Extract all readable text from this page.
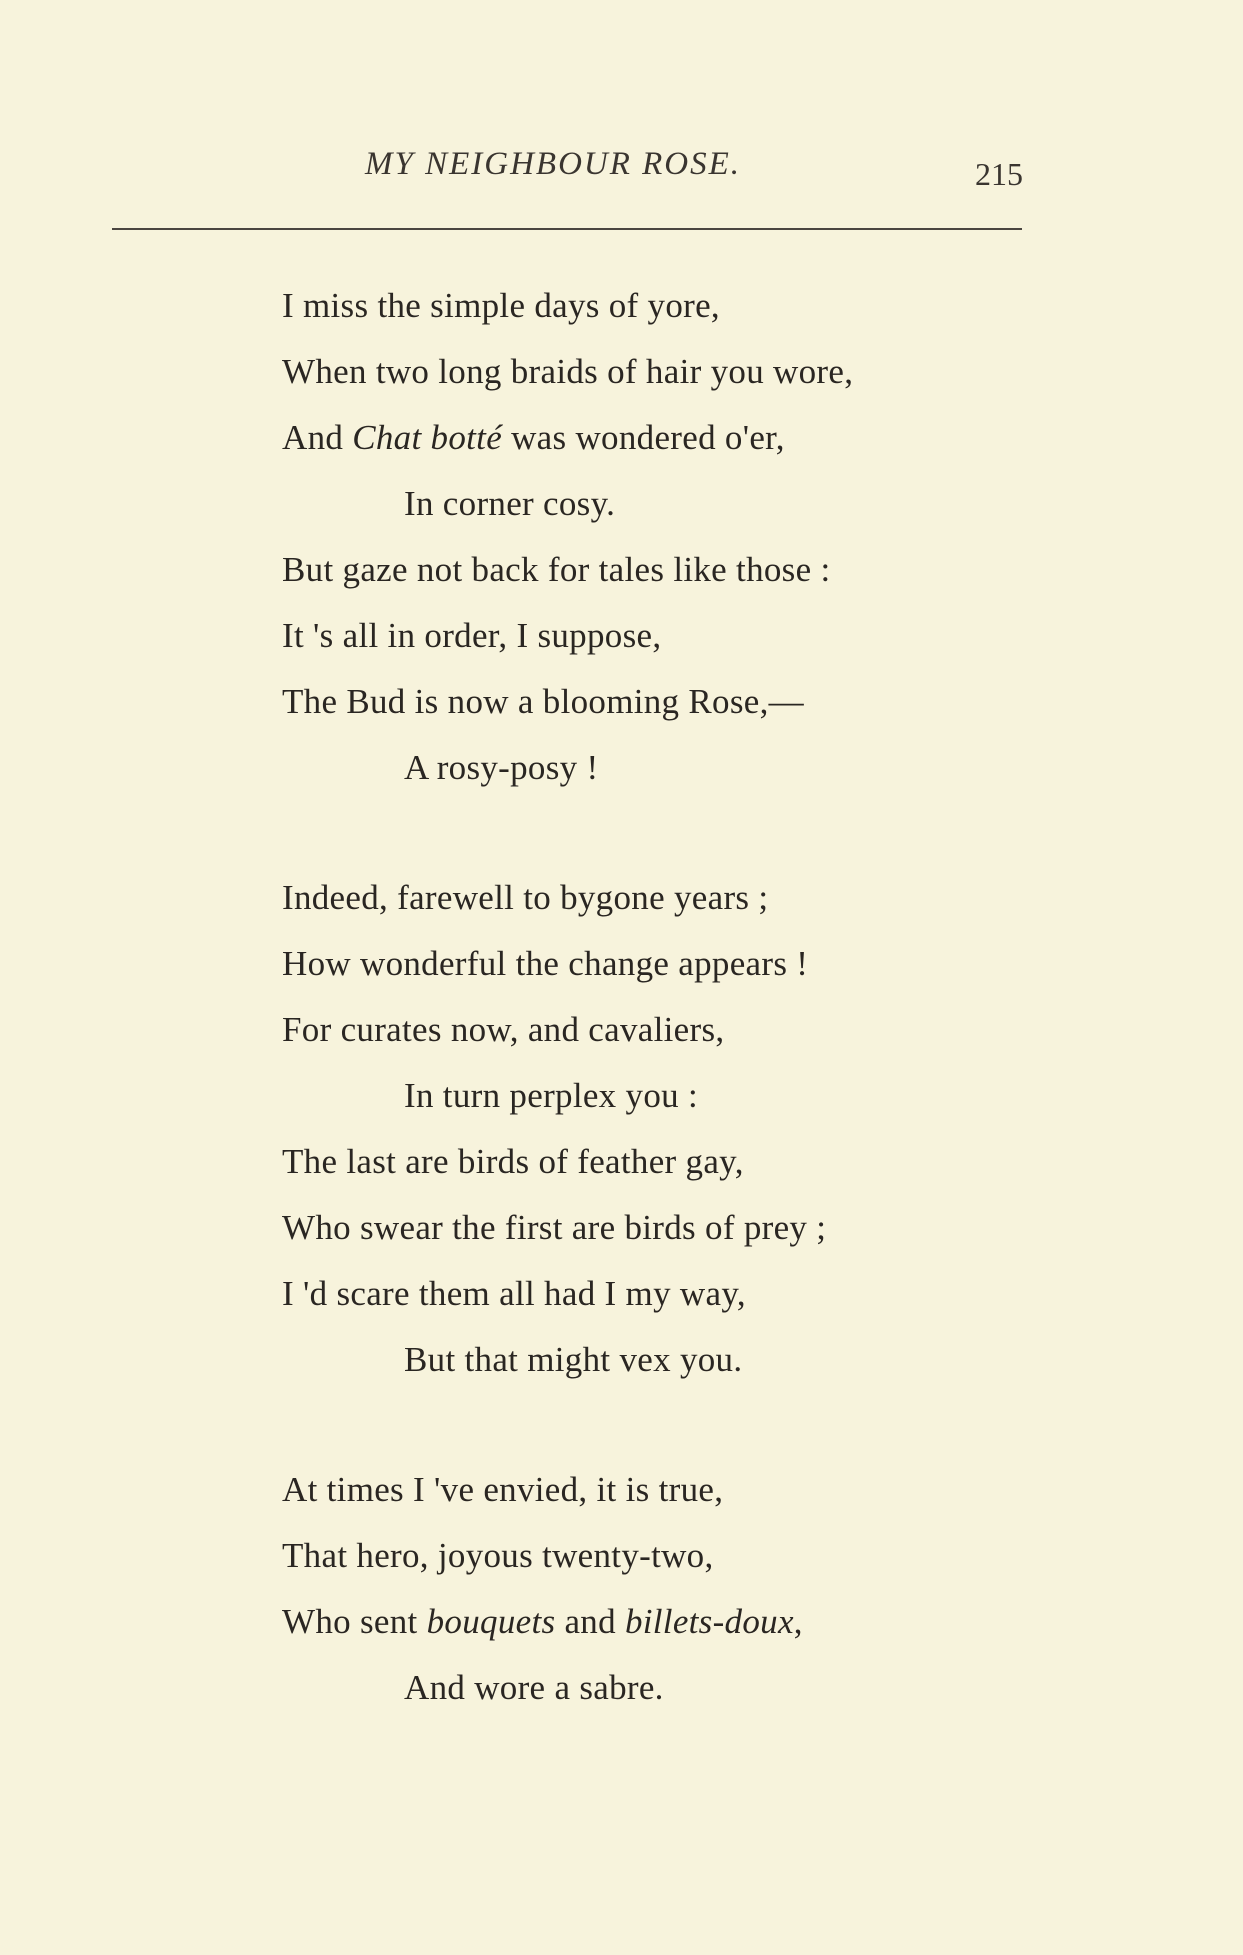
MY NEIGHBOUR ROSE.	215
I miss the simple days of yore,
When two long braids of hair you wore,
And Chat botté was wondered o'er,
In corner cosy.
But gaze not back for tales like those :
It 's all in order, I suppose,
The Bud is now a blooming Rose,—
A rosy-posy !
Indeed, farewell to bygone years ;
How wonderful the change appears !
For curates now, and cavaliers,
In turn perplex you :
The last are birds of feather gay,
Who swear the first are birds of prey ;
I 'd scare them all had I my way,
But that might vex you.
At times I 've envied, it is true,
That hero, joyous twenty-two,
Who sent bouquets and billets-doux,
And wore a sabre.
